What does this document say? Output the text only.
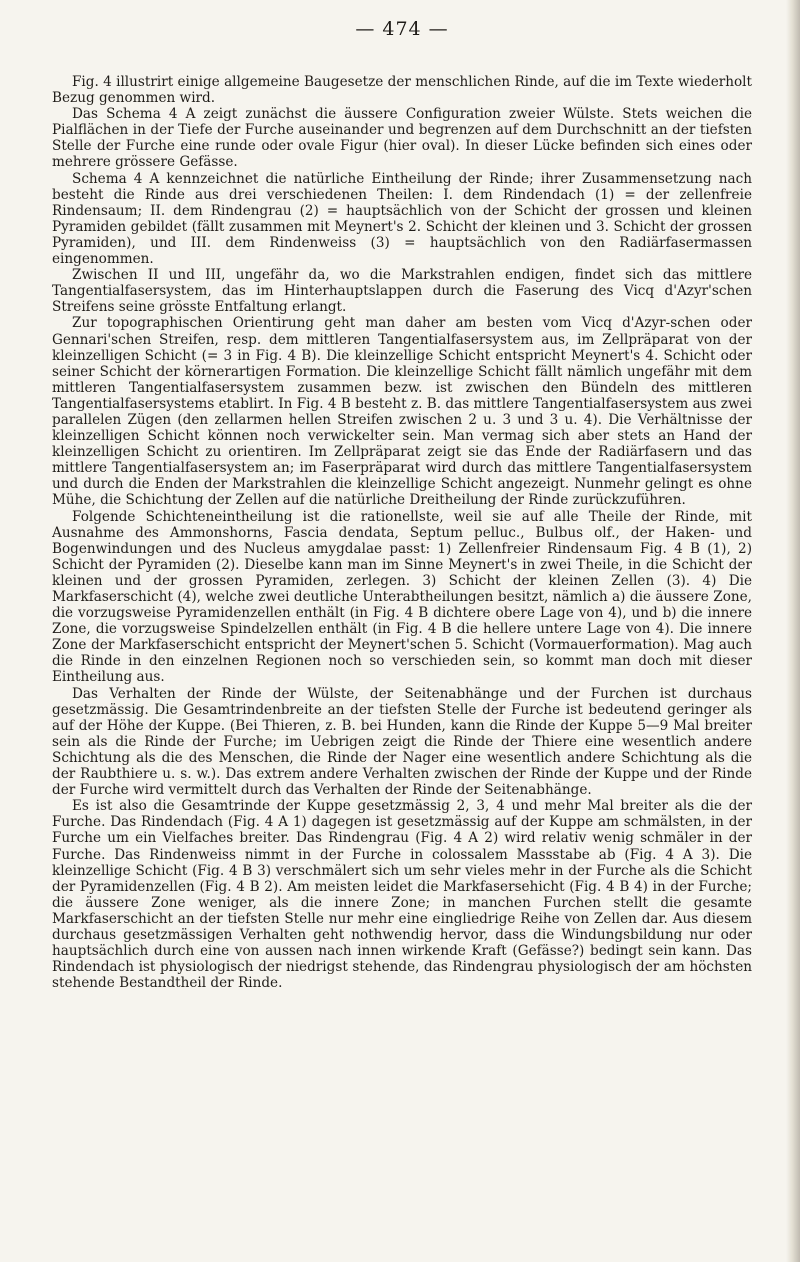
— 474 —

Fig. 4 illustrirt einige allgemeine Baugesetze der menschlichen Rinde, auf die im Texte wiederholt Bezug genommen wird.

Das Schema 4 A zeigt zunächst die äussere Configuration zweier Wülste. Stets weichen die Pialflächen in der Tiefe der Furche auseinander und begrenzen auf dem Durchschnitt an der tiefsten Stelle der Furche eine runde oder ovale Figur (hier oval). In dieser Lücke befinden sich eines oder mehrere grössere Gefässe.

Schema 4 A kennzeichnet die natürliche Eintheilung der Rinde; ihrer Zusammensetzung nach besteht die Rinde aus drei verschiedenen Theilen: I. dem Rindendach (1) = der zellenfreie Rindensaum; II. dem Rindengrau (2) = hauptsächlich von der Schicht der grossen und kleinen Pyramiden gebildet (fällt zusammen mit Meynert's 2. Schicht der kleinen und 3. Schicht der grossen Pyramiden), und III. dem Rindenweiss (3) = hauptsächlich von den Radiärfasermassen eingenommen.

Zwischen II und III, ungefähr da, wo die Markstrahlen endigen, findet sich das mittlere Tangentialfasersystem, das im Hinterhauptslappen durch die Faserung des Vicq d'Azyr'schen Streifens seine grösste Entfaltung erlangt.

Zur topographischen Orientirung geht man daher am besten vom Vicq d'Azyr-schen oder Gennari'schen Streifen, resp. dem mittleren Tangentialfasersystem aus, im Zellpräparat von der kleinzelligen Schicht (= 3 in Fig. 4 B). Die kleinzellige Schicht entspricht Meynert's 4. Schicht oder seiner Schicht der körnerartigen Formation. Die kleinzellige Schicht fällt nämlich ungefähr mit dem mittleren Tangentialfasersystem zusammen bezw. ist zwischen den Bündeln des mittleren Tangentialfasersystems etablirt. In Fig. 4 B besteht z. B. das mittlere Tangentialfasersystem aus zwei parallelen Zügen (den zellarmen hellen Streifen zwischen 2 u. 3 und 3 u. 4). Die Verhältnisse der kleinzelligen Schicht können noch verwickelter sein. Man vermag sich aber stets an Hand der kleinzelligen Schicht zu orientiren. Im Zellpräparat zeigt sie das Ende der Radiärfasern und das mittlere Tangentialfasersystem an; im Faserpräparat wird durch das mittlere Tangentialfasersystem und durch die Enden der Markstrahlen die kleinzellige Schicht angezeigt. Nunmehr gelingt es ohne Mühe, die Schichtung der Zellen auf die natürliche Dreitheilung der Rinde zurückzuführen.

Folgende Schichteneintheilung ist die rationellste, weil sie auf alle Theile der Rinde, mit Ausnahme des Ammonshorns, Fascia dendata, Septum pelluc., Bulbus olf., der Haken- und Bogenwindungen und des Nucleus amygdalae passt: 1) Zellenfreier Rindensaum Fig. 4 B (1), 2) Schicht der Pyramiden (2). Dieselbe kann man im Sinne Meynert's in zwei Theile, in die Schicht der kleinen und der grossen Pyramiden, zerlegen. 3) Schicht der kleinen Zellen (3). 4) Die Markfaserschicht (4), welche zwei deutliche Unterabtheilungen besitzt, nämlich a) die äussere Zone, die vorzugsweise Pyramidenzellen enthält (in Fig. 4 B dichtere obere Lage von 4), und b) die innere Zone, die vorzugsweise Spindelzellen enthält (in Fig. 4 B die hellere untere Lage von 4). Die innere Zone der Markfaserschicht entspricht der Meynert'schen 5. Schicht (Vormauerformation). Mag auch die Rinde in den einzelnen Regionen noch so verschieden sein, so kommt man doch mit dieser Eintheilung aus.

Das Verhalten der Rinde der Wülste, der Seitenabhänge und der Furchen ist durchaus gesetzmässig. Die Gesamtrindenbreite an der tiefsten Stelle der Furche ist bedeutend geringer als auf der Höhe der Kuppe. (Bei Thieren, z. B. bei Hunden, kann die Rinde der Kuppe 5—9 Mal breiter sein als die Rinde der Furche; im Uebrigen zeigt die Rinde der Thiere eine wesentlich andere Schichtung als die des Menschen, die Rinde der Nager eine wesentlich andere Schichtung als die der Raubthiere u. s. w.). Das extrem andere Verhalten zwischen der Rinde der Kuppe und der Rinde der Furche wird vermittelt durch das Verhalten der Rinde der Seitenabhänge.

Es ist also die Gesamtrinde der Kuppe gesetzmässig 2, 3, 4 und mehr Mal breiter als die der Furche. Das Rindendach (Fig. 4 A 1) dagegen ist gesetzmässig auf der Kuppe am schmälsten, in der Furche um ein Vielfaches breiter. Das Rindengrau (Fig. 4 A 2) wird relativ wenig schmäler in der Furche. Das Rindenweiss nimmt in der Furche in colossalem Massstabe ab (Fig. 4 A 3). Die kleinzellige Schicht (Fig. 4 B 3) verschmälert sich um sehr vieles mehr in der Furche als die Schicht der Pyramidenzellen (Fig. 4 B 2). Am meisten leidet die Markfasersehicht (Fig. 4 B 4) in der Furche; die äussere Zone weniger, als die innere Zone; in manchen Furchen stellt die gesamte Markfaserschicht an der tiefsten Stelle nur mehr eine eingliedrige Reihe von Zellen dar. Aus diesem durchaus gesetzmässigen Verhalten geht nothwendig hervor, dass die Windungsbildung nur oder hauptsächlich durch eine von aussen nach innen wirkende Kraft (Gefässe?) bedingt sein kann. Das Rindendach ist physiologisch der niedrigst stehende, das Rindengrau physiologisch der am höchsten stehende Bestandtheil der Rinde.
